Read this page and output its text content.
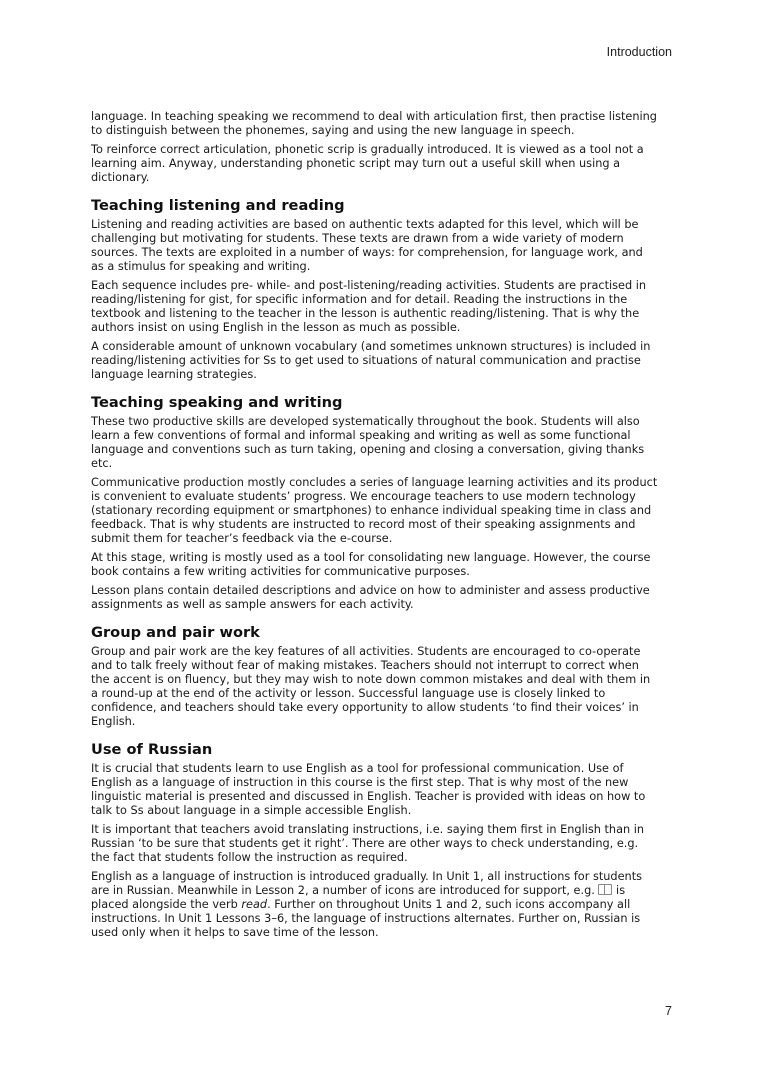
Introduction
language. In teaching speaking we recommend to deal with articulation first, then practise listening
to distinguish between the phonemes, saying and using the new language in speech.
To reinforce correct articulation, phonetic scrip is gradually introduced. It is viewed as a tool not a
learning aim. Anyway, understanding phonetic script may turn out a useful skill when using a
dictionary.
Teaching listening and reading
Listening and reading activities are based on authentic texts adapted for this level, which will be
challenging but motivating for students. These texts are drawn from a wide variety of modern
sources. The texts are exploited in a number of ways: for comprehension, for language work, and
as a stimulus for speaking and writing.
Each sequence includes pre- while- and post-listening/reading activities. Students are practised in
reading/listening for gist, for specific information and for detail. Reading the instructions in the
textbook and listening to the teacher in the lesson is authentic reading/listening. That is why the
authors insist on using English in the lesson as much as possible.
A considerable amount of unknown vocabulary (and sometimes unknown structures) is included in
reading/listening activities for Ss to get used to situations of natural communication and practise
language learning strategies.
Teaching speaking and writing
These two productive skills are developed systematically throughout the book. Students will also
learn a few conventions of formal and informal speaking and writing as well as some functional
language and conventions such as turn taking, opening and closing a conversation, giving thanks
etc.
Communicative production mostly concludes a series of language learning activities and its product
is convenient to evaluate students’ progress. We encourage teachers to use modern technology
(stationary recording equipment or smartphones) to enhance individual speaking time in class and
feedback. That is why students are instructed to record most of their speaking assignments and
submit them for teacher’s feedback via the e-course.
At this stage, writing is mostly used as a tool for consolidating new language. However, the course
book contains a few writing activities for communicative purposes.
Lesson plans contain detailed descriptions and advice on how to administer and assess productive
assignments as well as sample answers for each activity.
Group and pair work
Group and pair work are the key features of all activities. Students are encouraged to co-operate
and to talk freely without fear of making mistakes. Teachers should not interrupt to correct when
the accent is on fluency, but they may wish to note down common mistakes and deal with them in
a round-up at the end of the activity or lesson. Successful language use is closely linked to
confidence, and teachers should take every opportunity to allow students ‘to find their voices’ in
English.
Use of Russian
It is crucial that students learn to use English as a tool for professional communication. Use of
English as a language of instruction in this course is the first step. That is why most of the new
linguistic material is presented and discussed in English. Teacher is provided with ideas on how to
talk to Ss about language in a simple accessible English.
It is important that teachers avoid translating instructions, i.e. saying them first in English than in
Russian ‘to be sure that students get it right’. There are other ways to check understanding, e.g.
the fact that students follow the instruction as required.
English as a language of instruction is introduced gradually. In Unit 1, all instructions for students
are in Russian. Meanwhile in Lesson 2, a number of icons are introduced for support, e.g.  is
placed alongside the verb read. Further on throughout Units 1 and 2, such icons accompany all
instructions. In Unit 1 Lessons 3–6, the language of instructions alternates. Further on, Russian is
used only when it helps to save time of the lesson.
7
